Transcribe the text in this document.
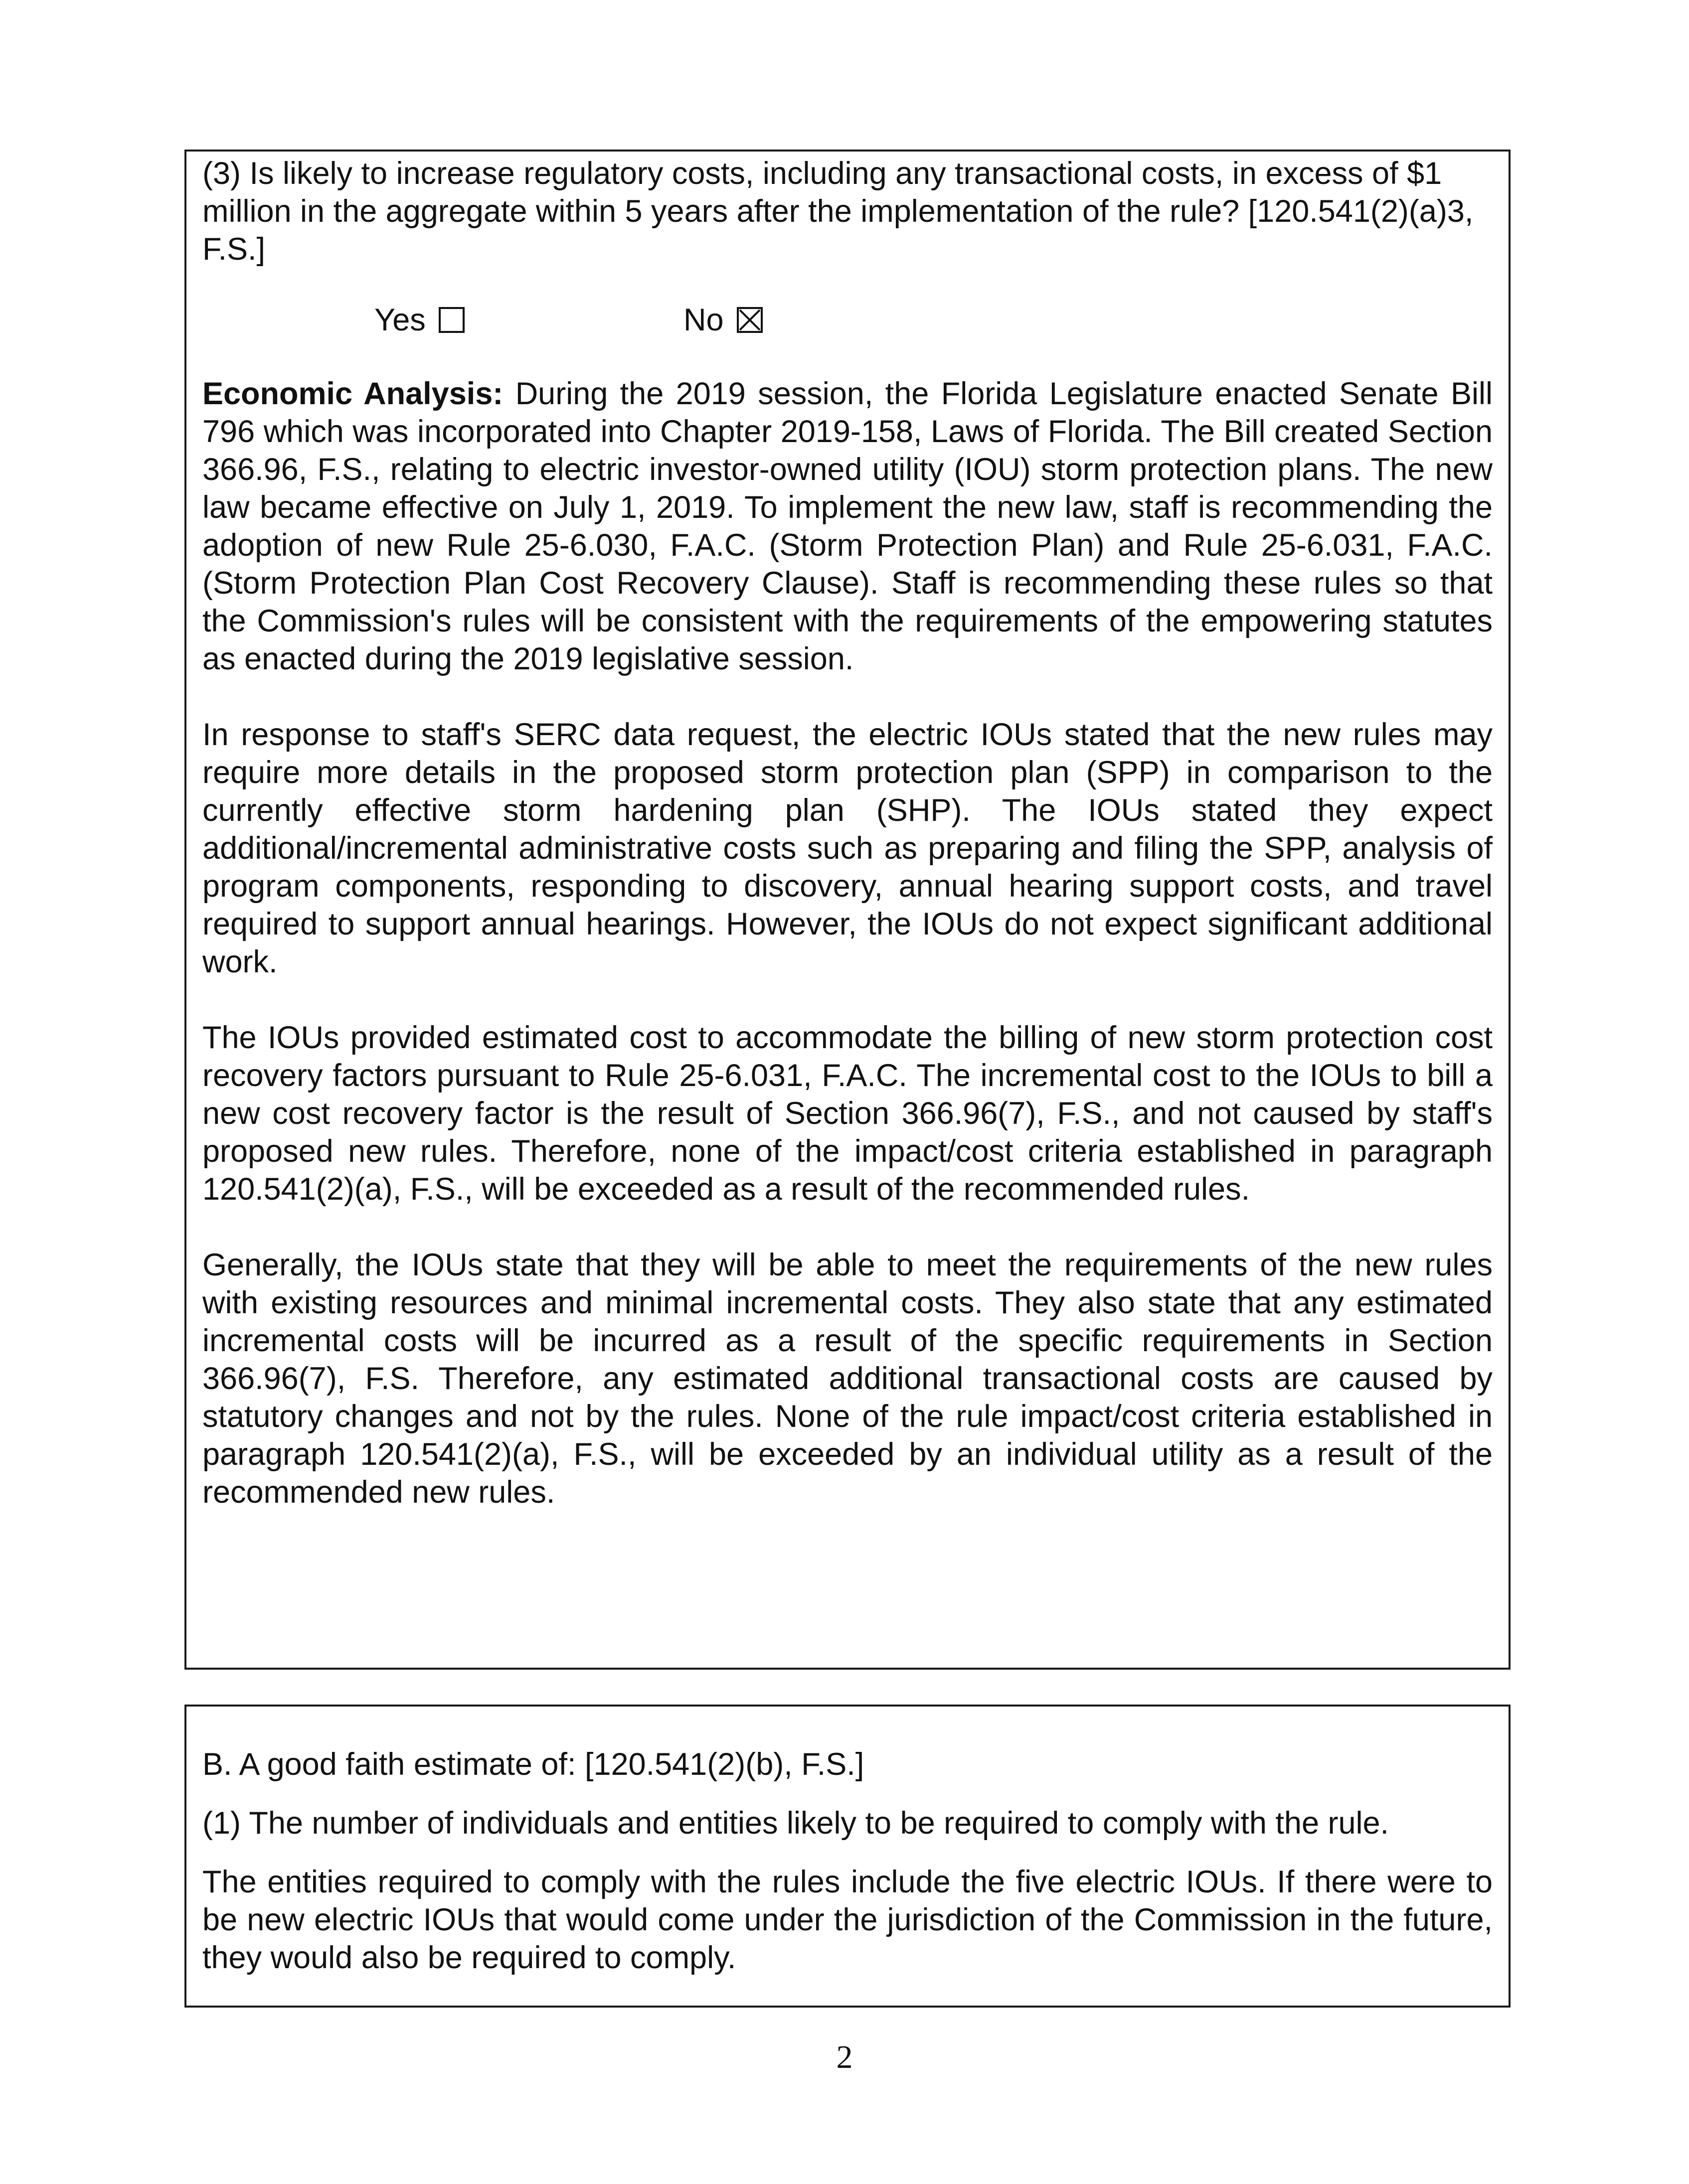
(3) Is likely to increase regulatory costs, including any transactional costs, in excess of $1 million in the aggregate within 5 years after the implementation of the rule? [120.541(2)(a)3, F.S.]

Yes	No

Economic Analysis: During the 2019 session, the Florida Legislature enacted Senate Bill 796 which was incorporated into Chapter 2019-158, Laws of Florida. The Bill created Section 366.96, F.S., relating to electric investor-owned utility (IOU) storm protection plans. The new law became effective on July 1, 2019. To implement the new law, staff is recommending the adoption of new Rule 25-6.030, F.A.C. (Storm Protection Plan) and Rule 25-6.031, F.A.C. (Storm Protection Plan Cost Recovery Clause). Staff is recommending these rules so that the Commission's rules will be consistent with the requirements of the empowering statutes as enacted during the 2019 legislative session.

In response to staff's SERC data request, the electric IOUs stated that the new rules may require more details in the proposed storm protection plan (SPP) in comparison to the currently effective storm hardening plan (SHP). The IOUs stated they expect additional/incremental administrative costs such as preparing and filing the SPP, analysis of program components, responding to discovery, annual hearing support costs, and travel required to support annual hearings. However, the IOUs do not expect significant additional work.

The IOUs provided estimated cost to accommodate the billing of new storm protection cost recovery factors pursuant to Rule 25-6.031, F.A.C. The incremental cost to the IOUs to bill a new cost recovery factor is the result of Section 366.96(7), F.S., and not caused by staff's proposed new rules. Therefore, none of the impact/cost criteria established in paragraph 120.541(2)(a), F.S., will be exceeded as a result of the recommended rules.

Generally, the IOUs state that they will be able to meet the requirements of the new rules with existing resources and minimal incremental costs. They also state that any estimated incremental costs will be incurred as a result of the specific requirements in Section 366.96(7), F.S. Therefore, any estimated additional transactional costs are caused by statutory changes and not by the rules. None of the rule impact/cost criteria established in paragraph 120.541(2)(a), F.S., will be exceeded by an individual utility as a result of the recommended new rules.

B. A good faith estimate of: [120.541(2)(b), F.S.]

(1) The number of individuals and entities likely to be required to comply with the rule.

The entities required to comply with the rules include the five electric IOUs. If there were to be new electric IOUs that would come under the jurisdiction of the Commission in the future, they would also be required to comply.

2
